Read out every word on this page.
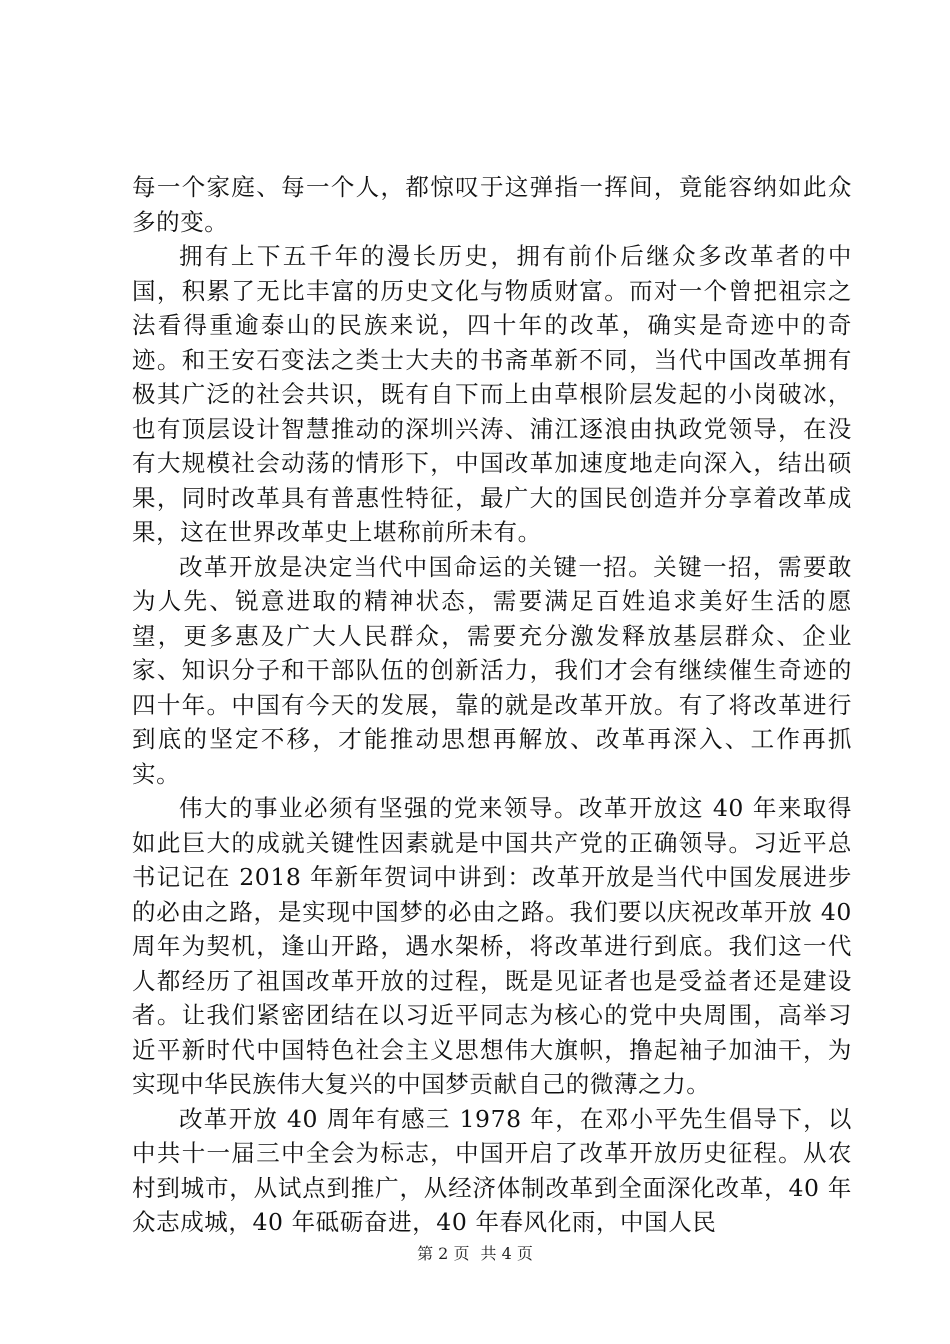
每一个家庭、每一个人，都惊叹于这弹指一挥间，竟能容纳如此众多的变。

拥有上下五千年的漫长历史，拥有前仆后继众多改革者的中国，积累了无比丰富的历史文化与物质财富。而对一个曾把祖宗之法看得重逾泰山的民族来说，四十年的改革，确实是奇迹中的奇迹。和王安石变法之类士大夫的书斋革新不同，当代中国改革拥有极其广泛的社会共识，既有自下而上由草根阶层发起的小岗破冰，也有顶层设计智慧推动的深圳兴涛、浦江逐浪由执政党领导，在没有大规模社会动荡的情形下，中国改革加速度地走向深入，结出硕果，同时改革具有普惠性特征，最广大的国民创造并分享着改革成果，这在世界改革史上堪称前所未有。

改革开放是决定当代中国命运的关键一招。关键一招，需要敢为人先、锐意进取的精神状态，需要满足百姓追求美好生活的愿望，更多惠及广大人民群众，需要充分激发释放基层群众、企业家、知识分子和干部队伍的创新活力，我们才会有继续催生奇迹的四十年。中国有今天的发展，靠的就是改革开放。有了将改革进行到底的坚定不移，才能推动思想再解放、改革再深入、工作再抓实。

伟大的事业必须有坚强的党来领导。改革开放这 40 年来取得如此巨大的成就关键性因素就是中国共产党的正确领导。习近平总书记记在 2018 年新年贺词中讲到：改革开放是当代中国发展进步的必由之路，是实现中国梦的必由之路。我们要以庆祝改革开放 40 周年为契机，逢山开路，遇水架桥，将改革进行到底。我们这一代人都经历了祖国改革开放的过程，既是见证者也是受益者还是建设者。让我们紧密团结在以习近平同志为核心的党中央周围，高举习近平新时代中国特色社会主义思想伟大旗帜，撸起袖子加油干，为实现中华民族伟大复兴的中国梦贡献自己的微薄之力。

改革开放 40 周年有感三 1978 年，在邓小平先生倡导下，以中共十一届三中全会为标志，中国开启了改革开放历史征程。从农村到城市，从试点到推广，从经济体制改革到全面深化改革，40 年众志成城，40 年砥砺奋进，40 年春风化雨，中国人民

第 2 页 共 4 页
